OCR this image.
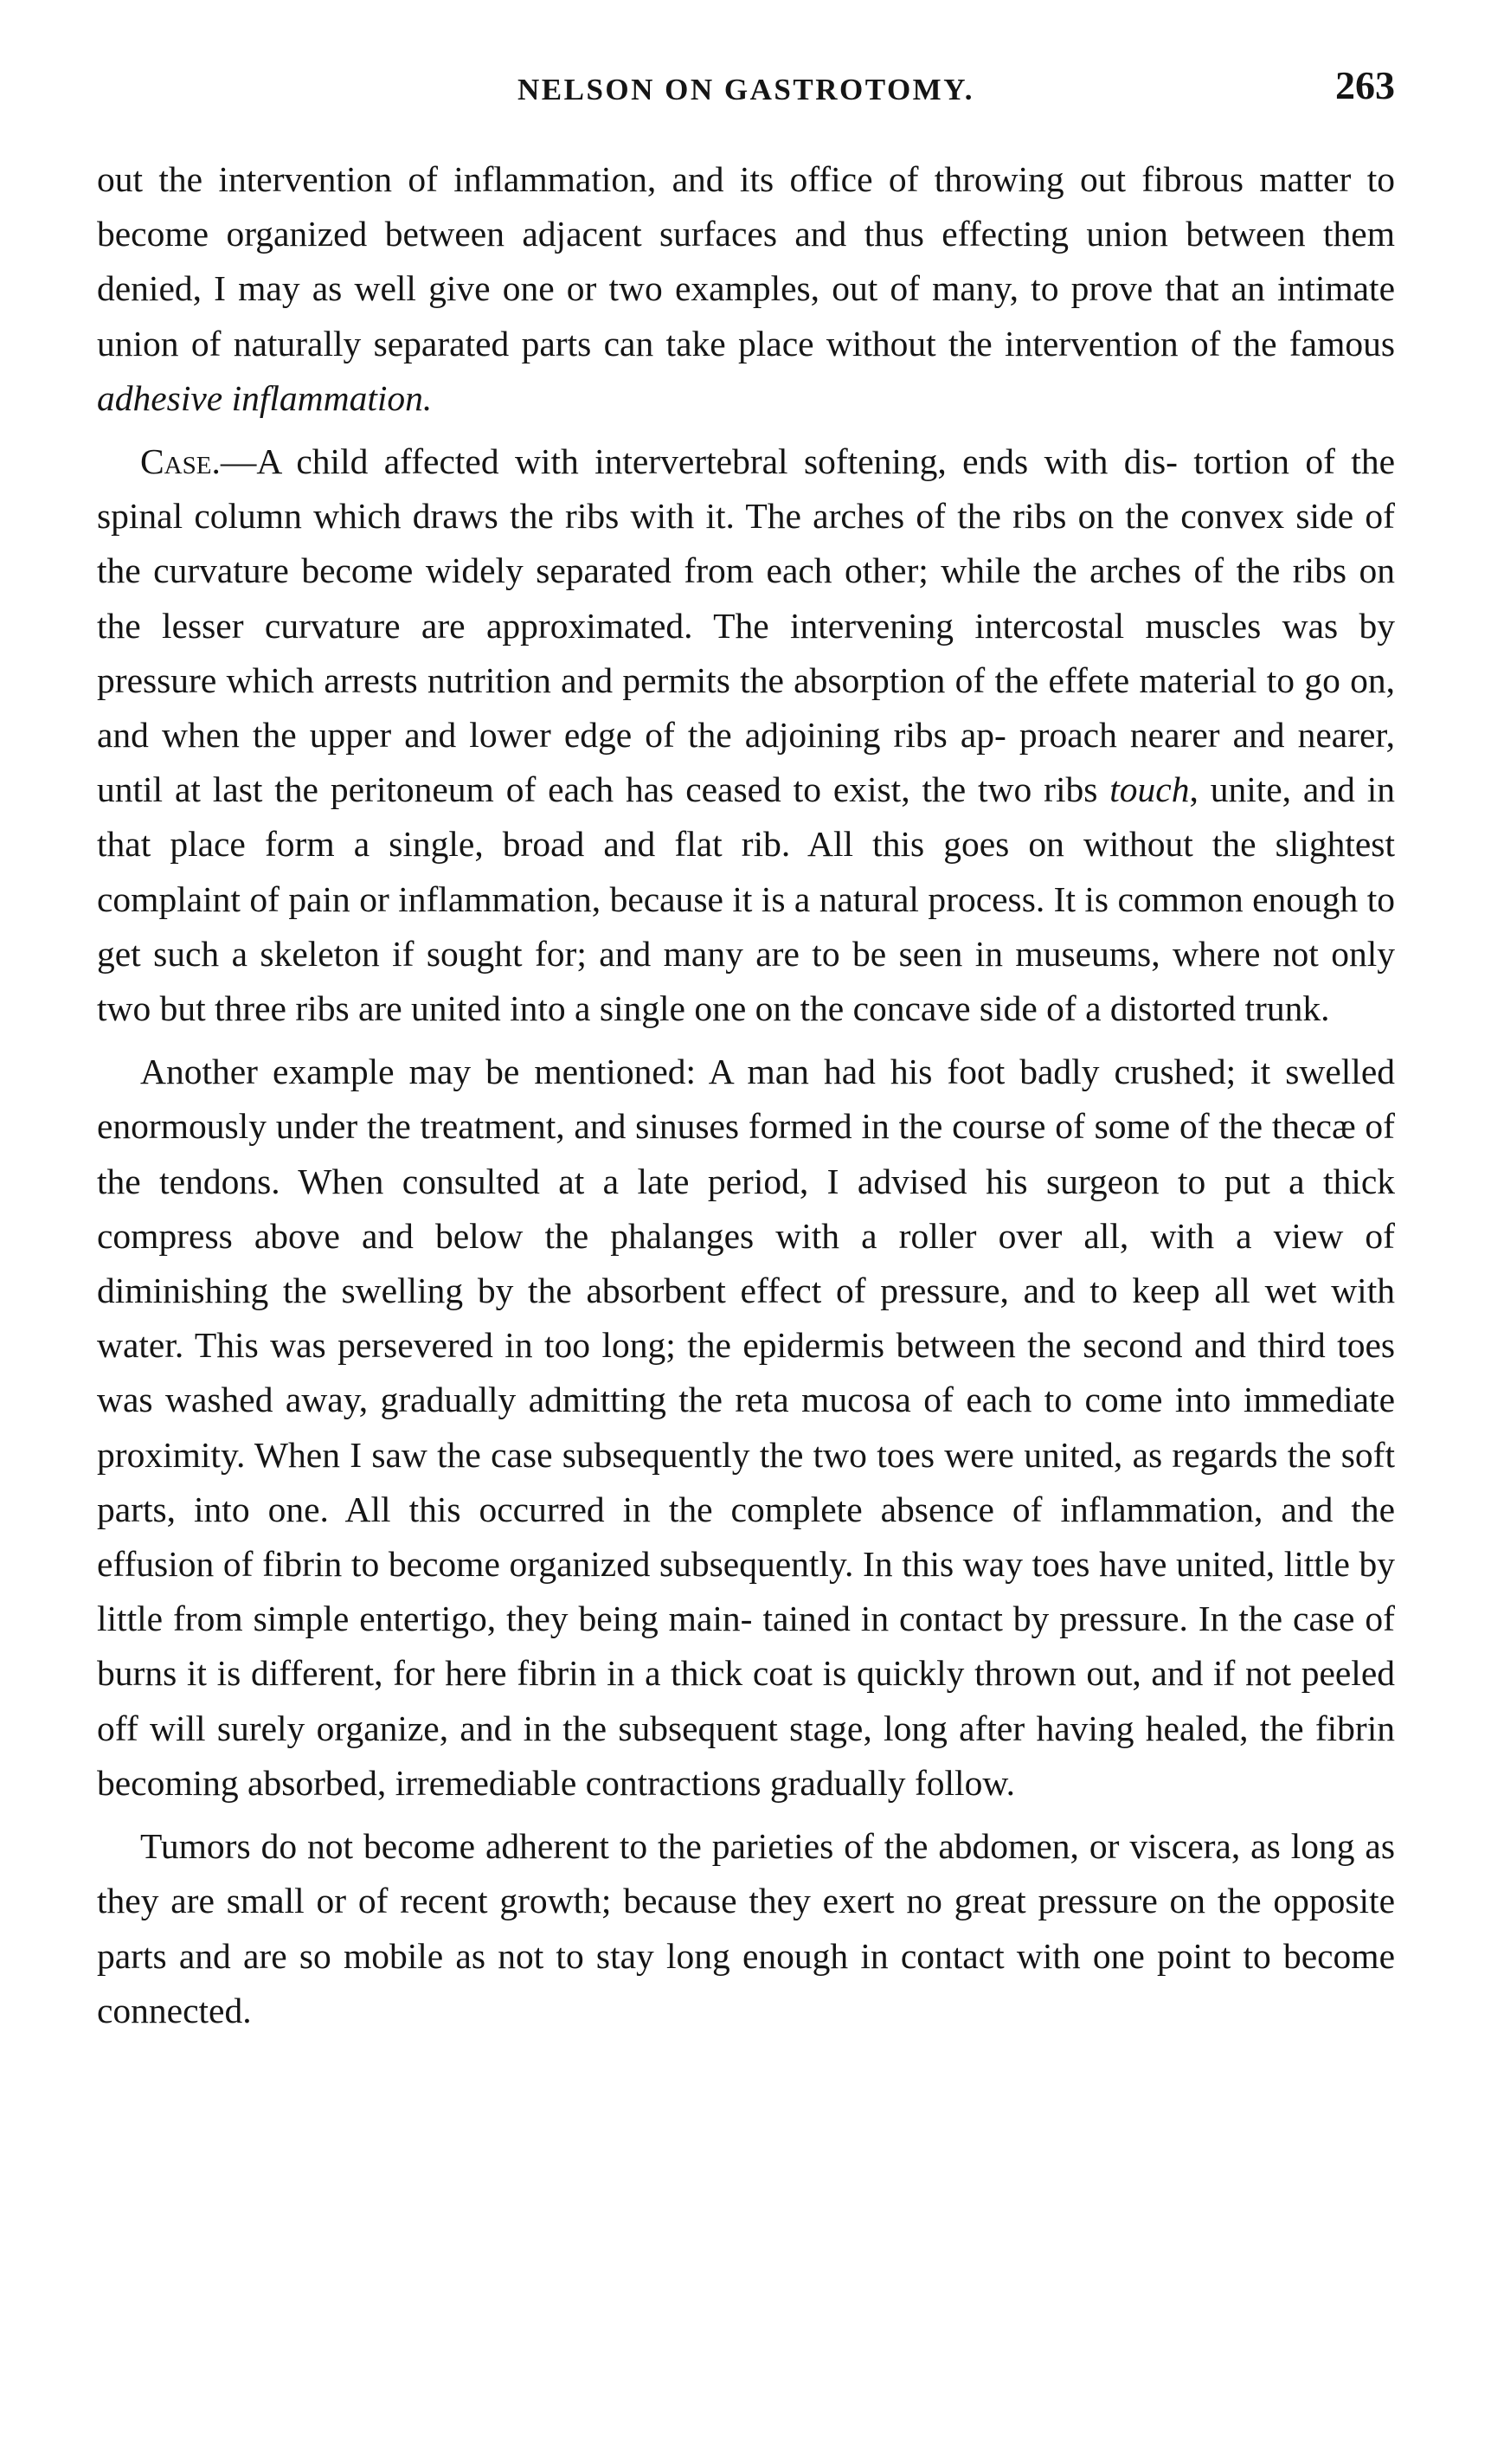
NELSON ON GASTROTOMY.	263

out the intervention of inflammation, and its office of throwing out fibrous matter to become organized between adjacent surfaces and thus effecting union between them denied, I may as well give one or two examples, out of many, to prove that an intimate union of naturally separated parts can take place without the intervention of the famous adhesive inflammation.

Case.—A child affected with intervertebral softening, ends with dis- tortion of the spinal column which draws the ribs with it. The arches of the ribs on the convex side of the curvature become widely separated from each other; while the arches of the ribs on the lesser curvature are approximated. The intervening intercostal muscles was by pressure which arrests nutrition and permits the absorption of the effete material to go on, and when the upper and lower edge of the adjoining ribs ap- proach nearer and nearer, until at last the peritoneum of each has ceased to exist, the two ribs touch, unite, and in that place form a single, broad and flat rib. All this goes on without the slightest complaint of pain or inflammation, because it is a natural process. It is common enough to get such a skeleton if sought for; and many are to be seen in museums, where not only two but three ribs are united into a single one on the concave side of a distorted trunk.

Another example may be mentioned: A man had his foot badly crushed; it swelled enormously under the treatment, and sinuses formed in the course of some of the thecæ of the tendons. When consulted at a late period, I advised his surgeon to put a thick compress above and below the phalanges with a roller over all, with a view of diminishing the swelling by the absorbent effect of pressure, and to keep all wet with water. This was persevered in too long; the epidermis between the second and third toes was washed away, gradually admitting the reta mucosa of each to come into immediate proximity. When I saw the case subsequently the two toes were united, as regards the soft parts, into one. All this occurred in the complete absence of inflammation, and the effusion of fibrin to become organized subsequently. In this way toes have united, little by little from simple entertigo, they being main- tained in contact by pressure. In the case of burns it is different, for here fibrin in a thick coat is quickly thrown out, and if not peeled off will surely organize, and in the subsequent stage, long after having healed, the fibrin becoming absorbed, irremediable contractions gradually follow.

Tumors do not become adherent to the parieties of the abdomen, or viscera, as long as they are small or of recent growth; because they exert no great pressure on the opposite parts and are so mobile as not to stay long enough in contact with one point to become connected.
